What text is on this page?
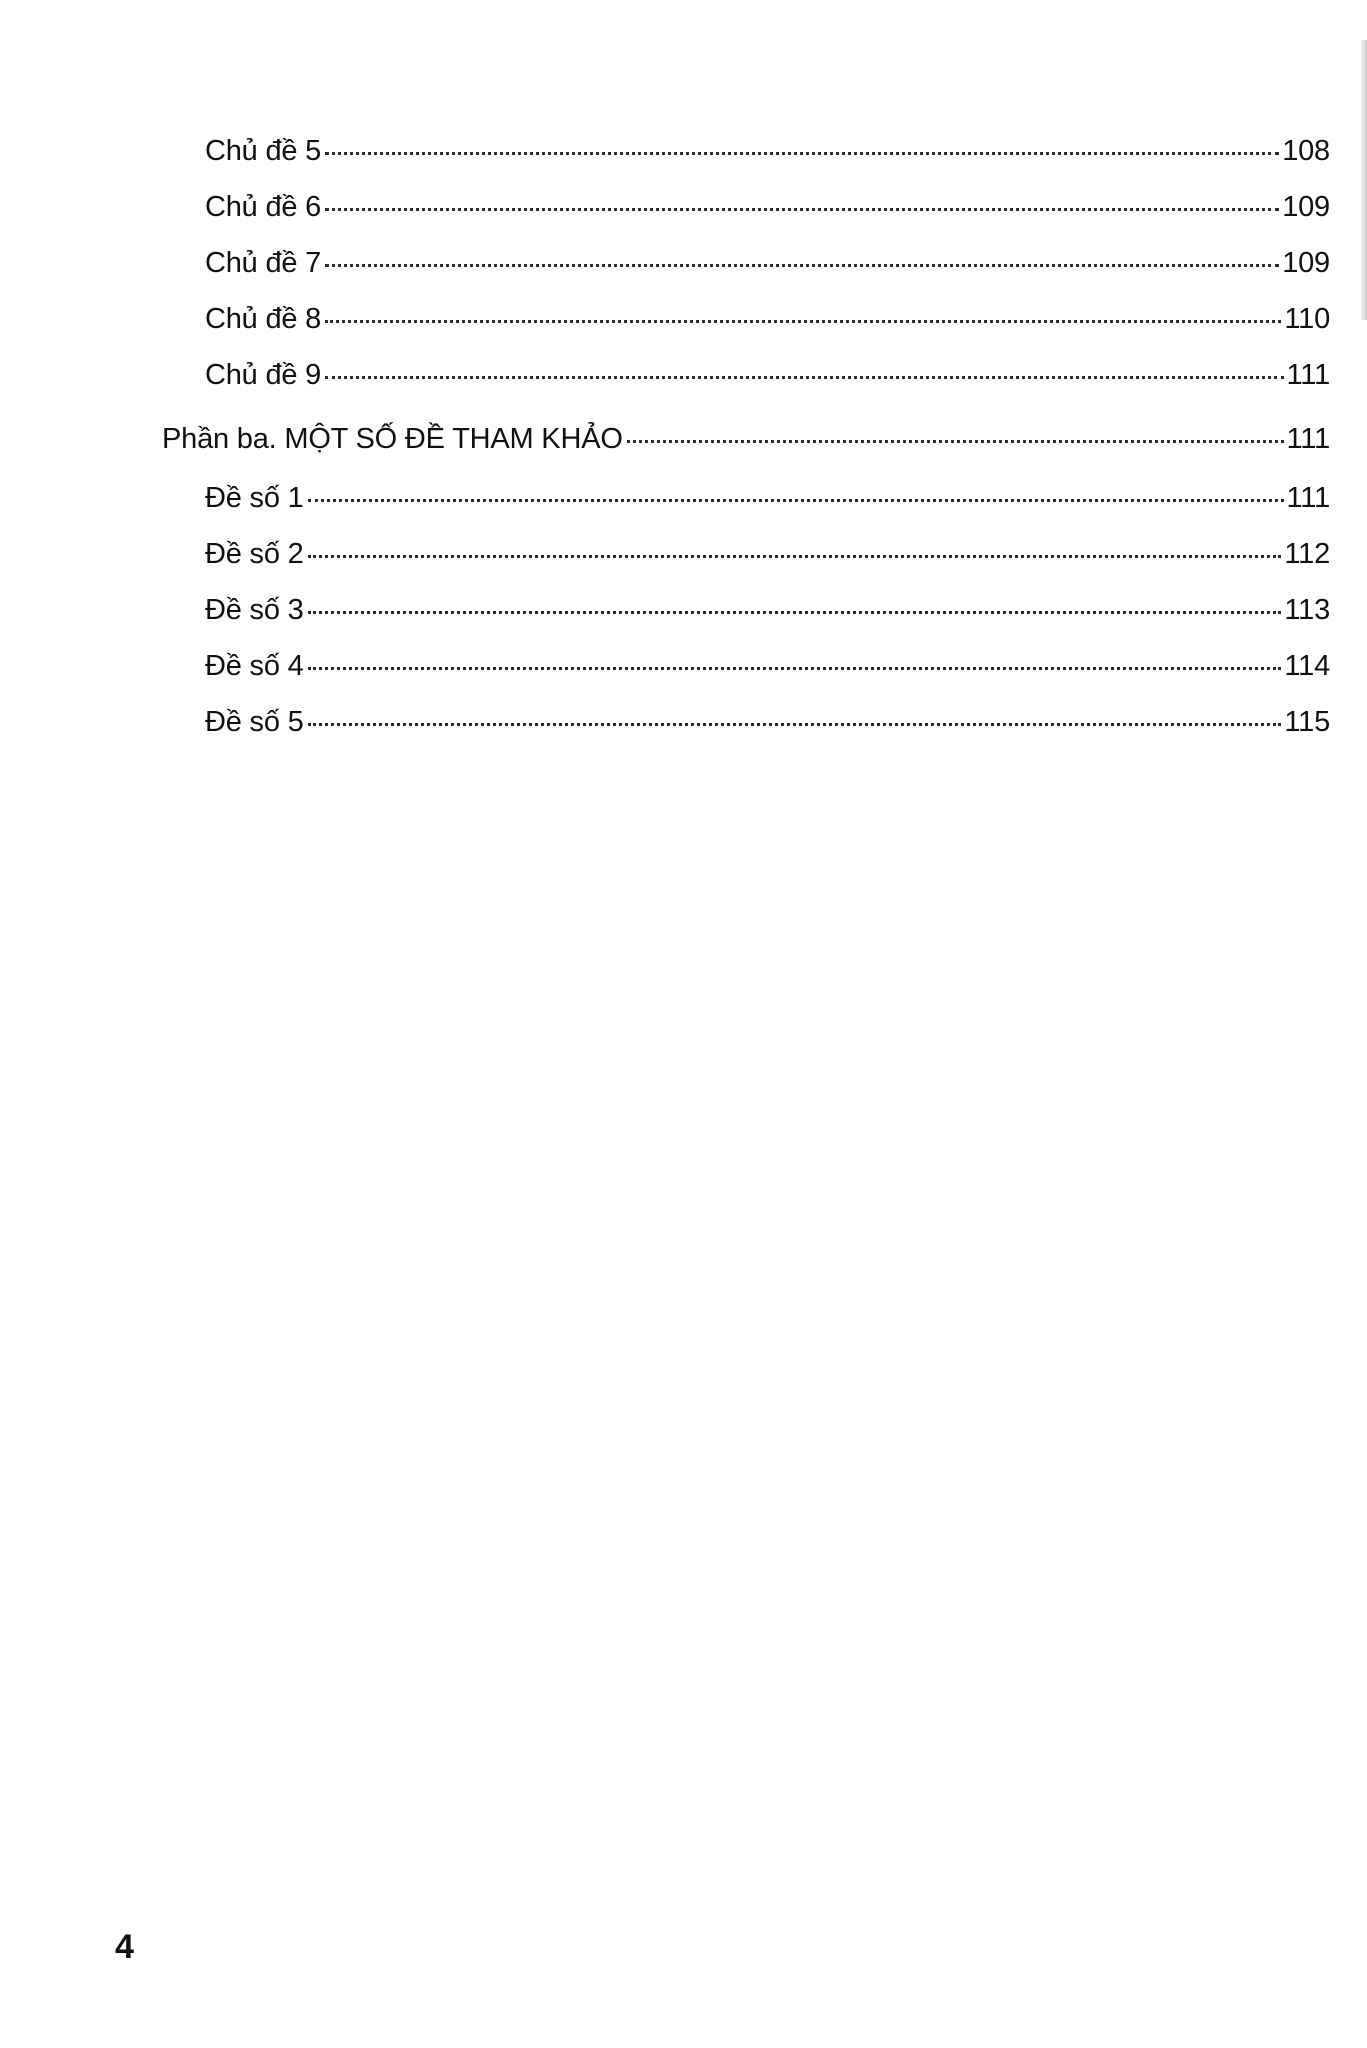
Chủ đề 5	108
Chủ đề 6	109
Chủ đề 7	109
Chủ đề 8	110
Chủ đề 9	111
Phần ba. MỘT SỐ ĐỀ THAM KHẢO	111
Đề số 1	111
Đề số 2	112
Đề số 3	113
Đề số 4	114
Đề số 5	115
4
